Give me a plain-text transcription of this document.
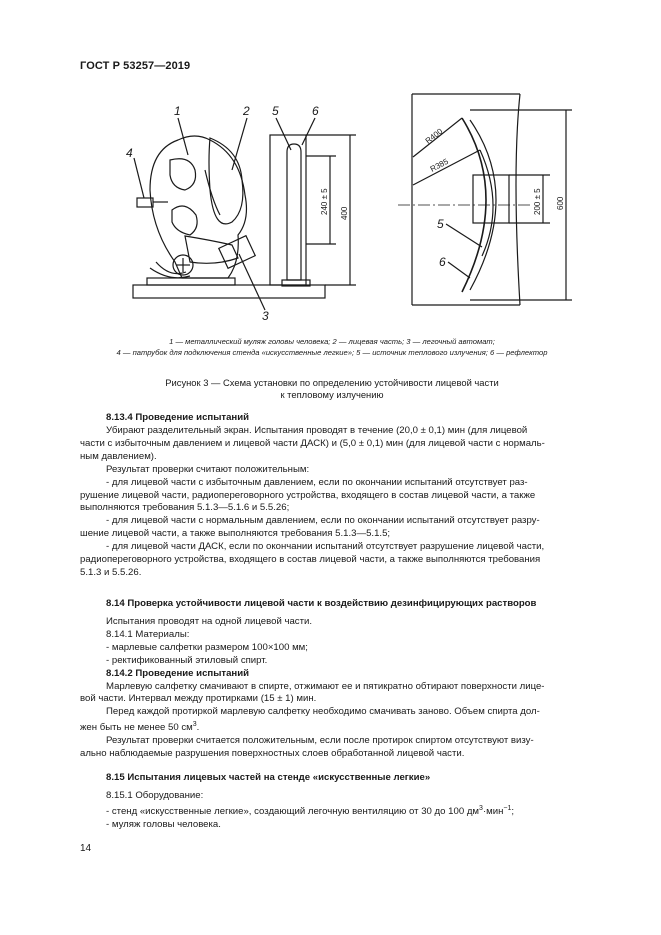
ГОСТ Р 53257—2019
1	2
4
3
5	6
5
6
240 ± 5 400	200 ± 5 600
R400
R385
1 — металлический муляж головы человека; 2 — лицевая часть; 3 — легочный автомат;
4 — патрубок для подключения стенда «искусственные легкие»; 5 — источник теплового излучения; 6 — рефлектор
Рисунок 3 — Схема установки по определению устойчивости лицевой части
к тепловому излучению
8.13.4 Проведение испытаний
Убирают разделительный экран. Испытания проводят в течение (20,0 ± 0,1) мин (для лицевой
части с избыточным давлением и лицевой части ДАСК) и (5,0 ± 0,1) мин (для лицевой части с нормаль-
ным давлением).
Результат проверки считают положительным:
- для лицевой части с избыточным давлением, если по окончании испытаний отсутствует раз-
рушение лицевой части, радиопереговорного устройства, входящего в состав лицевой части, а также
выполняются требования 5.1.3—5.1.6 и 5.5.26;
- для лицевой части с нормальным давлением, если по окончании испытаний отсутствует разру-
шение лицевой части, а также выполняются требования 5.1.3—5.1.5;
- для лицевой части ДАСК, если по окончании испытаний отсутствует разрушение лицевой части,
радиопереговорного устройства, входящего в состав лицевой части, а также выполняются требования
5.1.3 и 5.5.26.
8.14 Проверка устойчивости лицевой части к воздействию дезинфицирующих растворов
Испытания проводят на одной лицевой части.
8.14.1 Материалы:
- марлевые салфетки размером 100×100 мм;
- ректификованный этиловый спирт.
8.14.2 Проведение испытаний
Марлевую салфетку смачивают в спирте, отжимают ее и пятикратно обтирают поверхности лице-
вой части. Интервал между протирками (15 ± 1) мин.
Перед каждой протиркой марлевую салфетку необходимо смачивать заново. Объем спирта дол-
жен быть не менее 50 $см^3$.
Результат проверки считается положительным, если после протирок спиртом отсутствуют визу-
ально наблюдаемые разрушения поверхностных слоев обработанной лицевой части.
8.15 Испытания лицевых частей на стенде «искусственные легкие»
8.15.1 Оборудование:
- стенд «искусственные легкие», создающий легочную вентиляцию от 30 до 100 $дм^3\cdot мин^{-1}$;
- муляж головы человека.
14
